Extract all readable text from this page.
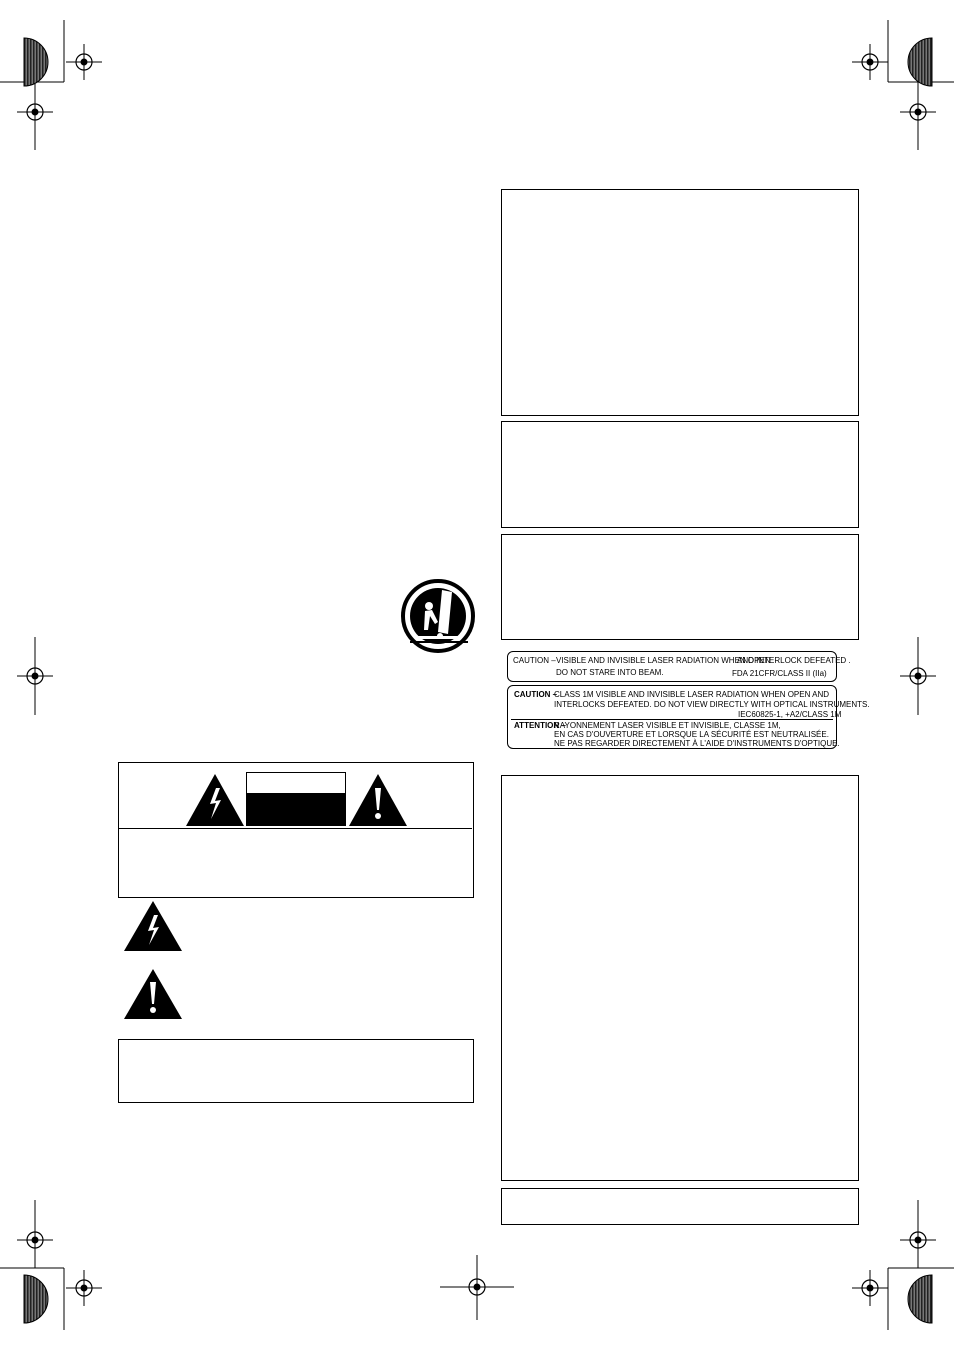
CAUTION – VISIBLE AND INVISIBLE LASER RADIATION WHEN OPEN
AND INTERLOCK DEFEATED .
DO NOT STARE INTO BEAM.	FDA 21CFR/CLASS II (IIa)
CAUTION –
CLASS 1M VISIBLE AND INVISIBLE LASER RADIATION WHEN OPEN AND
INTERLOCKS DEFEATED. DO NOT VIEW DIRECTLY WITH OPTICAL INSTRUMENTS.
IEC60825-1, +A2/CLASS 1M
ATTENTION –
RAYONNEMENT LASER VISIBLE ET INVISIBLE, CLASSE 1M,
EN CAS D'OUVERTURE ET LORSQUE LA SÉCURITÉ EST NEUTRALISÉE.
NE PAS REGARDER DIRECTEMENT À L'AIDE D'INSTRUMENTS D'OPTIQUE.
